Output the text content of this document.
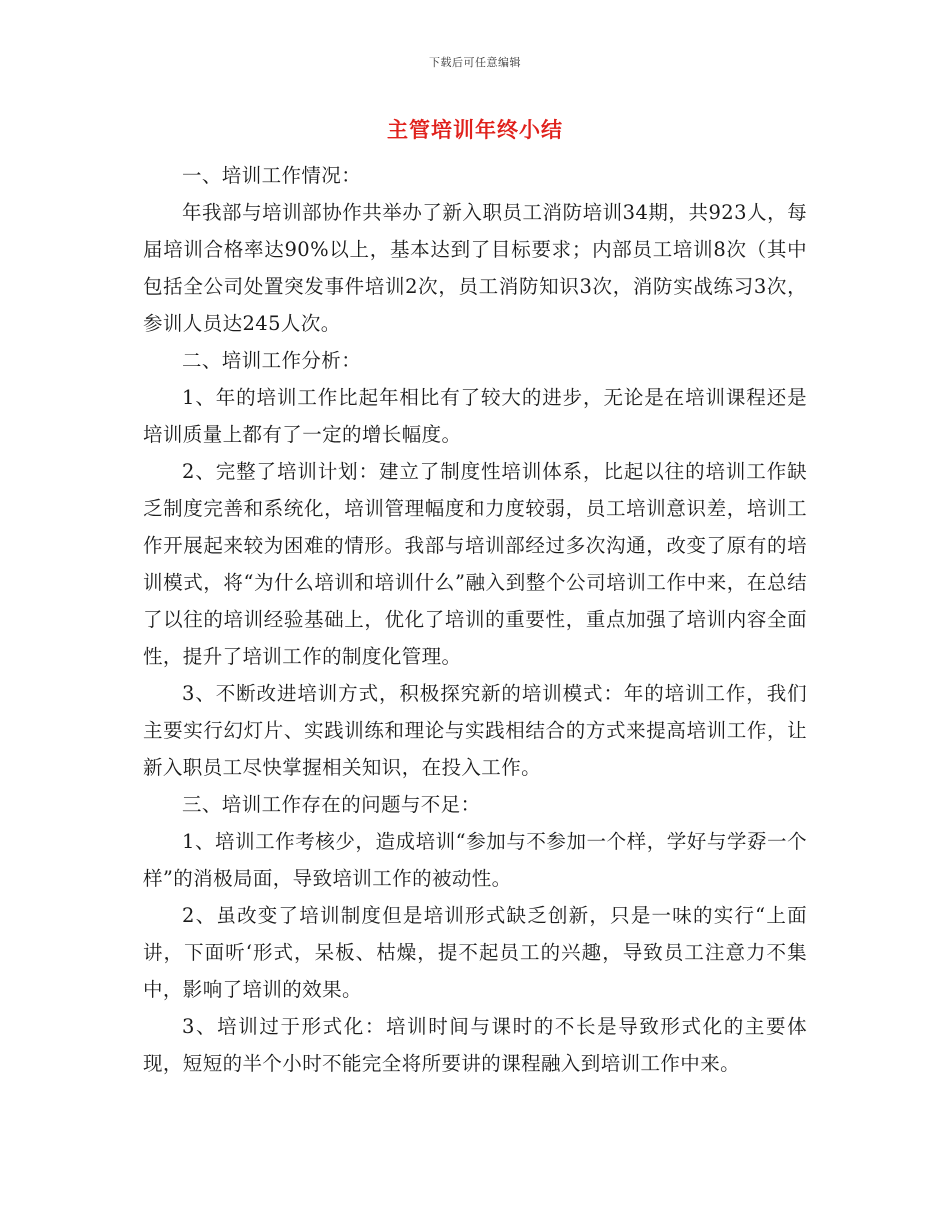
下载后可任意编辑
主管培训年终小结

一、培训工作情况：

年我部与培训部协作共举办了新入职员工消防培训34期，共923人，每届培训合格率达90%以上，基本达到了目标要求；内部员工培训8次（其中包括全公司处置突发事件培训2次，员工消防知识3次，消防实战练习3次，参训人员达245人次。

二、培训工作分析：

1、年的培训工作比起年相比有了较大的进步，无论是在培训课程还是培训质量上都有了一定的增长幅度。

2、完整了培训计划：建立了制度性培训体系，比起以往的培训工作缺乏制度完善和系统化，培训管理幅度和力度较弱，员工培训意识差，培训工作开展起来较为困难的情形。我部与培训部经过多次沟通，改变了原有的培训模式，将“为什么培训和培训什么”融入到整个公司培训工作中来，在总结了以往的培训经验基础上，优化了培训的重要性，重点加强了培训内容全面性，提升了培训工作的制度化管理。

3、不断改进培训方式，积极探究新的培训模式：年的培训工作，我们主要实行幻灯片、实践训练和理论与实践相结合的方式来提高培训工作，让新入职员工尽快掌握相关知识，在投入工作。

三、培训工作存在的问题与不足：

1、培训工作考核少，造成培训“参加与不参加一个样，学好与学孬一个样”的消极局面，导致培训工作的被动性。

2、虽改变了培训制度但是培训形式缺乏创新，只是一味的实行“上面讲，下面听‘形式，呆板、枯燥，提不起员工的兴趣，导致员工注意力不集中，影响了培训的效果。

3、培训过于形式化：培训时间与课时的不长是导致形式化的主要体现，短短的半个小时不能完全将所要讲的课程融入到培训工作中来。
